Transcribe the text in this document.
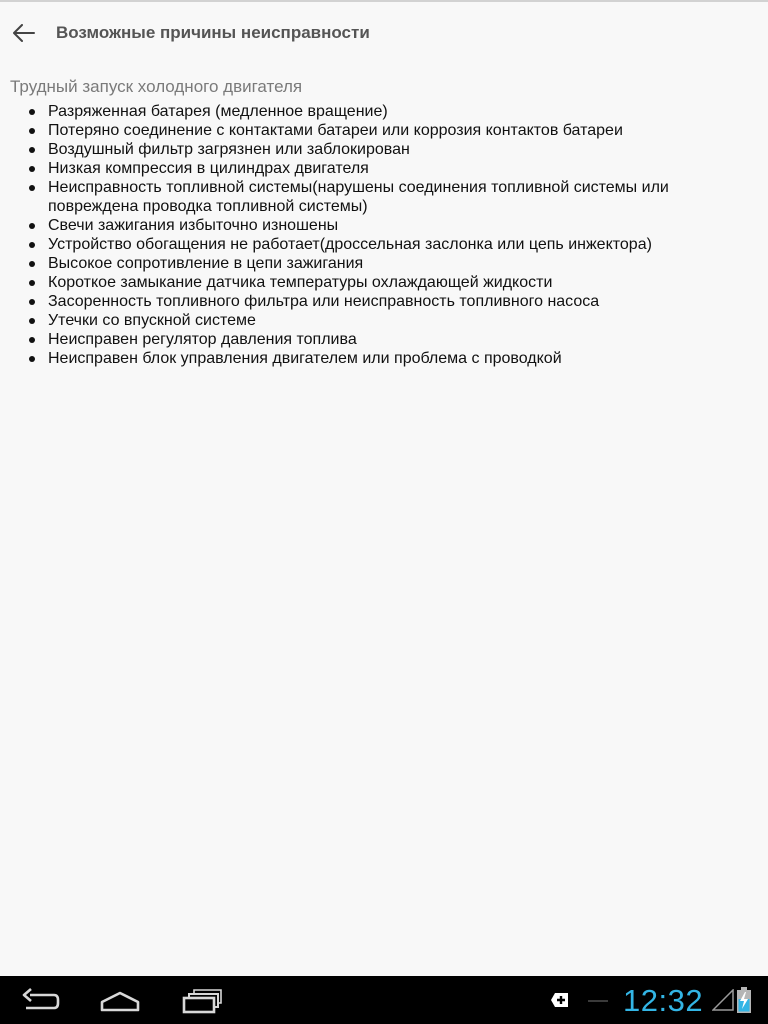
Возможные причины неисправности
Трудный запуск холодного двигателя
Разряженная батарея (медленное вращение)
Потеряно соединение с контактами батареи или коррозия контактов батареи
Воздушный фильтр загрязнен или заблокирован
Низкая компрессия в цилиндрах двигателя
Неисправность топливной системы(нарушены соединения топливной системы или повреждена проводка топливной системы)
Свечи зажигания избыточно изношены
Устройство обогащения не работает(дроссельная заслонка или цепь инжектора)
Высокое сопротивление в цепи зажигания
Короткое замыкание датчика температуры охлаждающей жидкости
Засоренность топливного фильтра или неисправность топливного насоса
Утечки со впускной системе
Неисправен регулятор давления топлива
Неисправен блок управления двигателем или проблема с проводкой
12:32
